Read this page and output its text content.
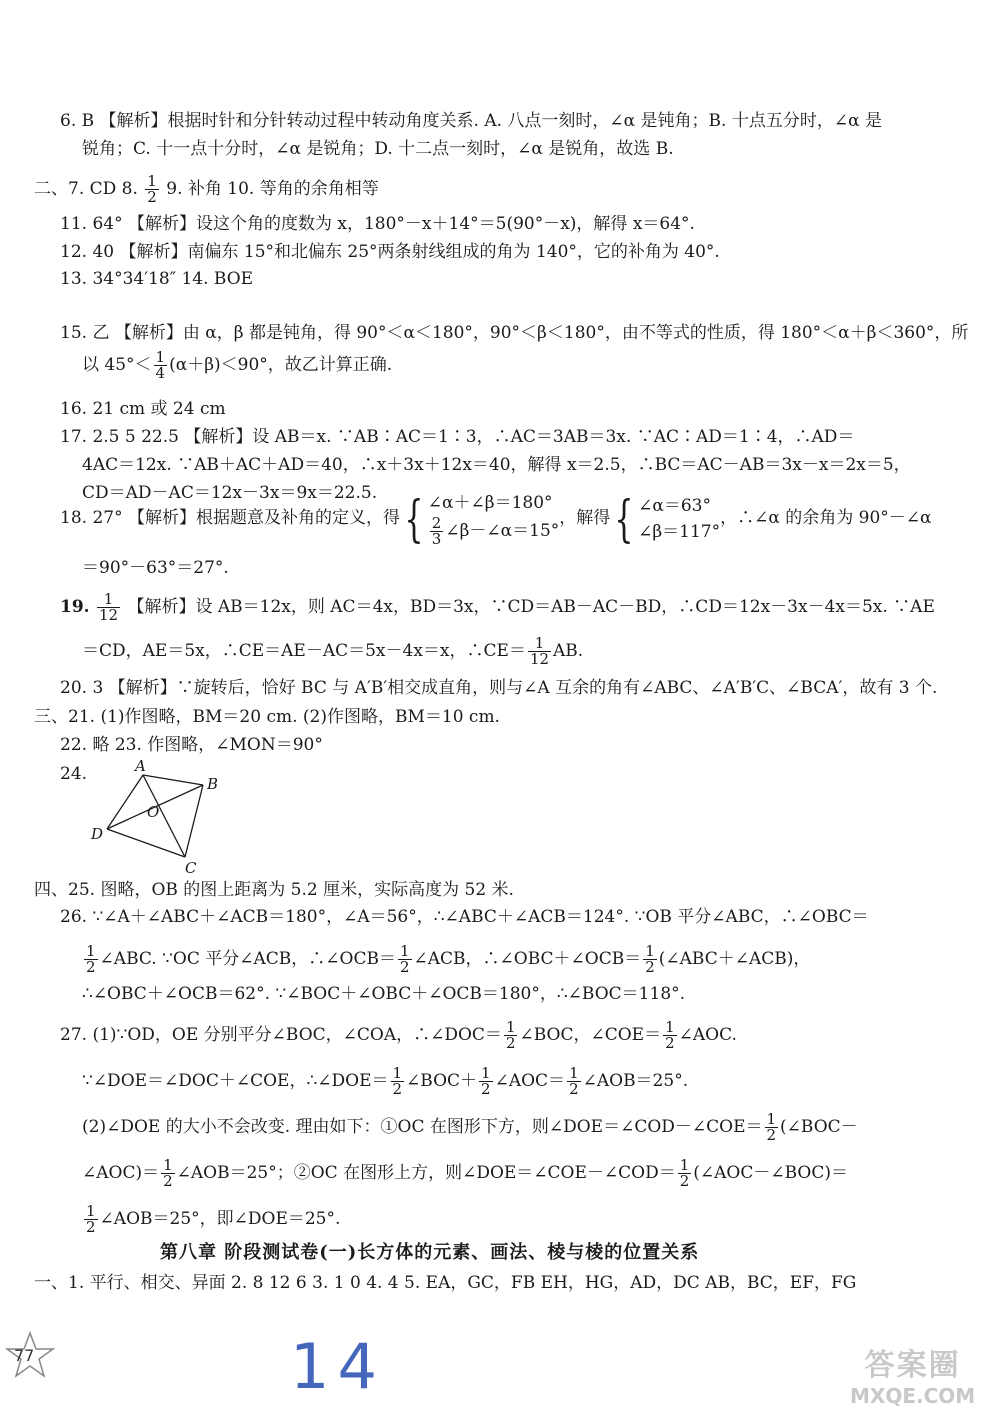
6. B 【解析】根据时针和分针转动过程中转动角度关系. A. 八点一刻时，∠α 是钝角；B. 十点五分时，∠α 是
锐角；C. 十一点十分时，∠α 是锐角；D. 十二点一刻时，∠α 是锐角，故选 B.
二、7. CD 8. $\frac{1}{2} 9$. 补角 10. 等角的余角相等
11. 64° 【解析】设这个角的度数为 x，180°－x＋14°＝5(90°－x)，解得 x＝64°.
12. 40 【解析】南偏东 15°和北偏东 25°两条射线组成的角为 140°，它的补角为 40°.
13. 34°34′18″ 14. BOE
15. 乙 【解析】由 α，β 都是钝角，得 90°＜α＜180°，90°＜β＜180°，由不等式的性质，得 180°＜α＋β＜360°，所
以 $45^\circ< \frac{1}{4} (\alpha+\beta)<90^\circ$，故乙计算正确.
16. 21 cm 或 24 cm
17. 2.5 5 22.5 【解析】设 AB＝x. ∵AB∶AC＝1∶3，∴AC＝3AB＝3x. ∵AC∶AD＝1∶4，∴AD＝
4AC＝12x. ∵AB＋AC＋AD＝40，∴x＋3x＋12x＝40，解得 x＝2.5，∴BC＝AC－AB＝3x－x＝2x＝5，
CD＝AD－AC＝12x－3x＝9x＝22.5.
18. 27° 【解析】根据题意及补角的定义，得{ ∠α＋∠β＝180°
$\frac{2}{3}$ ∠β－∠α＝15°
，解得{ ∠α＝63°
∠β＝117°
，∴∠α 的余角为 90°－∠α
＝90°－63°＝27°.
19. $\frac{1}{12}$ 【解析】设 AB＝12x，则 AC＝4x，BD＝3x，∵CD＝AB－AC－BD，∴CD＝12x－3x－4x＝5x. ∵AE
＝CD，AE＝5x，∴CE＝AE－AC＝5x－4x＝x，∴CE＝ $\frac{1}{12}$ AB.
20. 3 【解析】∵旋转后，恰好 BC 与 A′B′相交成直角，则与∠A 互余的角有∠ABC、∠A′B′C、∠BCA′，故有 3 个.
三、21. (1)作图略，BM＝20 cm. (2)作图略，BM＝10 cm.
22. 略 23. 作图略，∠MON＝90°
24.	A
B
C
D
O
四、25. 图略，OB 的图上距离为 5.2 厘米，实际高度为 52 米.
26. ∵∠A＋∠ABC＋∠ACB＝180°，∠A＝56°，∴∠ABC＋∠ACB＝124°. ∵OB 平分∠ABC，∴∠OBC＝
$\frac{1}{2}$ ∠ABC. ∵OC 平分∠ACB，∴∠OCB＝ $\frac{1}{2}$ ∠ACB，∴∠OBC＋∠OCB＝ $\frac{1}{2}$ (∠ABC＋∠ACB)，
∴∠OBC＋∠OCB＝62°. ∵∠BOC＋∠OBC＋∠OCB＝180°，∴∠BOC＝118°.
27. (1)∵OD，OE 分别平分∠BOC，∠COA，∴∠DOC＝ $\frac{1}{2}$ ∠BOC，∠COE＝ $\frac{1}{2}$ ∠AOC.
∵∠DOE＝∠DOC＋∠COE，∴∠DOE＝ $\frac{1}{2}$ ∠BOC＋ $\frac{1}{2}$ ∠AOC＝ $\frac{1}{2}$ ∠AOB＝25°.
(2)∠DOE 的大小不会改变. 理由如下：①OC 在图形下方，则∠DOE＝∠COD－∠COE＝ $\frac{1}{2}$ (∠BOC－
∠AOC)＝ $\frac{1}{2}$ ∠AOB＝25°；②OC 在图形上方，则∠DOE＝∠COE－∠COD＝ $\frac{1}{2}$ (∠AOC－∠BOC)＝
$\frac{1}{2}$ ∠AOB＝25°，即∠DOE＝25°.
第八章 阶段测试卷(一)长方体的元素、画法、棱与棱的位置关系
一、1. 平行、相交、异面 2. 8 12 6 3. 1 0 4. 4 5. EA，GC，FB EH，HG，AD，DC AB，BC，EF，FG
77	14	答案圈
MXQE.COM
